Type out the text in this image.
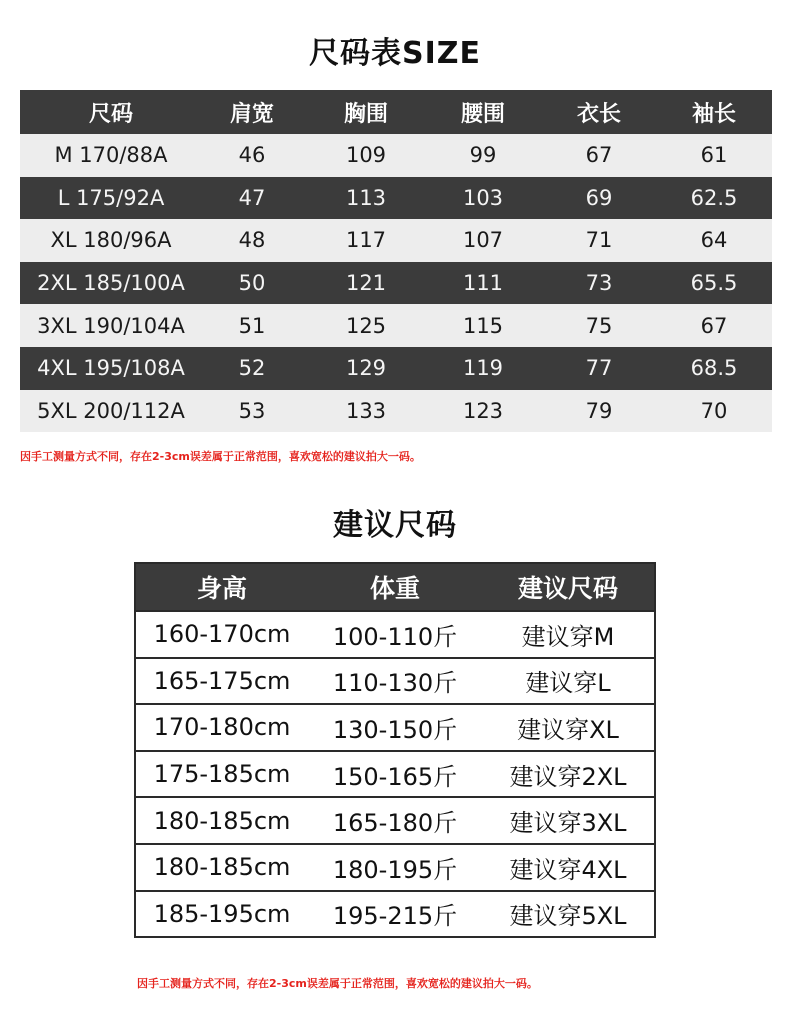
尺码表SIZE
尺码	肩宽	胸围	腰围	衣长	袖长
M 170/88A	46	109	99	67	61
L 175/92A	47	113	103	69	62.5
XL 180/96A	48	117	107	71	64
2XL 185/100A	50	121	111	73	65.5
3XL 190/104A	51	125	115	75	67
4XL 195/108A	52	129	119	77	68.5
5XL 200/112A	53	133	123	79	70
因手工测量方式不同，存在2-3cm误差属于正常范围，喜欢宽松的建议拍大一码。
建议尺码
身高	体重	建议尺码
160-170cm	100-110斤	建议穿M
165-175cm	110-130斤	建议穿L
170-180cm	130-150斤	建议穿XL
175-185cm	150-165斤	建议穿2XL
180-185cm	165-180斤	建议穿3XL
180-185cm	180-195斤	建议穿4XL
185-195cm	195-215斤	建议穿5XL
因手工测量方式不同，存在2-3cm误差属于正常范围，喜欢宽松的建议拍大一码。
